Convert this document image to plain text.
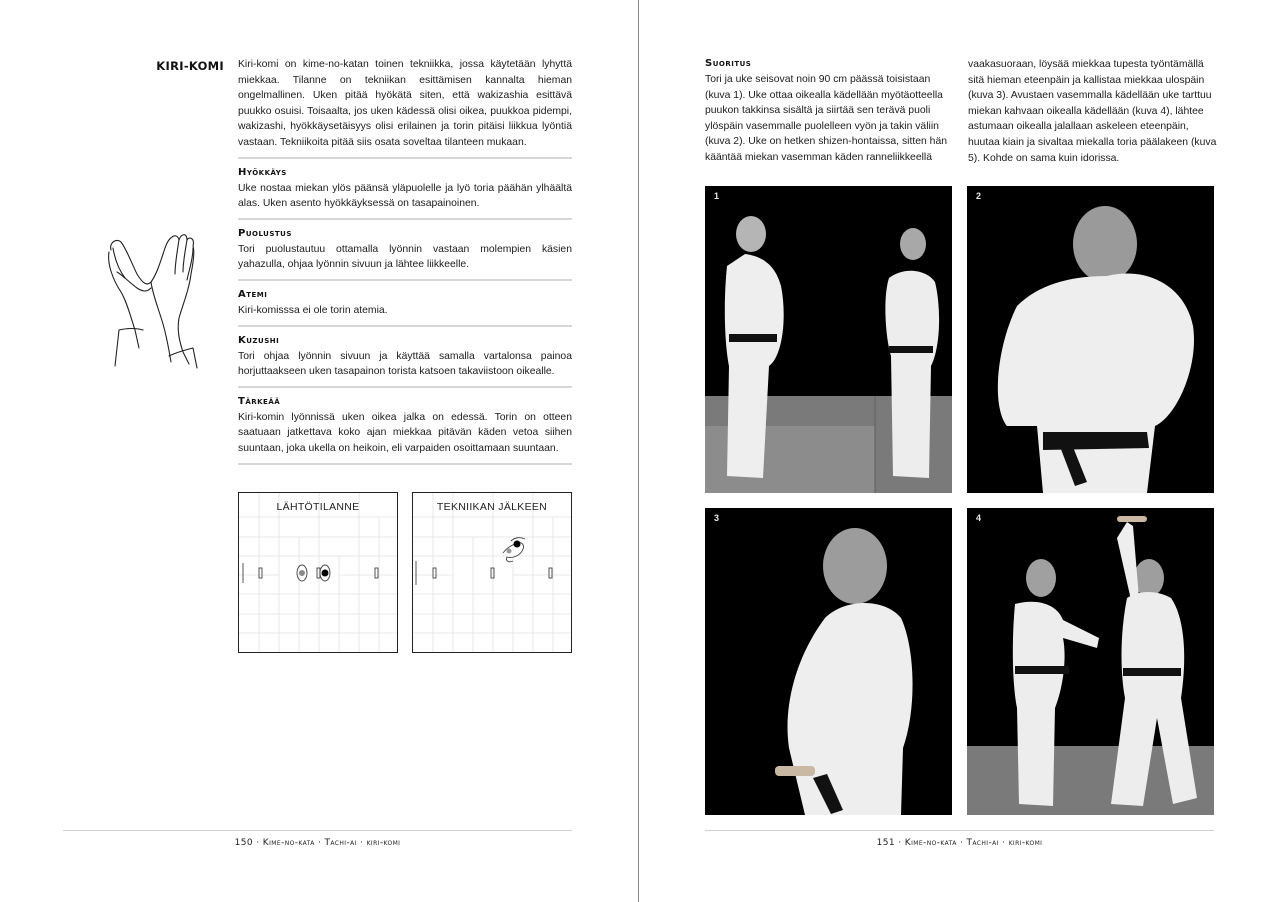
KIRI-KOMI Kiri-komi on kime-no-katan toinen tekniikka, jossa käytetään lyhyttä miekkaa. Tilanne on tekniikan esittämisen kannalta hieman ongelmallinen. Uken pitää hyökätä siten, että wakizashia esittävä puukko osuisi. Toisaalta, jos uken kädessä olisi oikea, puukkoa pidempi, wakizashi, hyökkäysetäisyys olisi erilainen ja torin pitäisi liikkua lyöntiä vastaan. Tekniikoita pitää siis osata soveltaa tilanteen mukaan.

Hyökkäys

Uke nostaa miekan ylös päänsä yläpuolelle ja lyö toria päähän ylhäältä alas. Uken asento hyökkäyksessä on tasapainoinen.

Puolustus

Tori puolustautuu ottamalla lyönnin vastaan molempien käsien yahazulla, ohjaa lyönnin sivuun ja lähtee liikkeelle.

Atemi

Kiri-komisssa ei ole torin atemia.

Kuzushi

Tori ohjaa lyönnin sivuun ja käyttää samalla vartalonsa painoa horjuttaakseen uken tasapainon torista katsoen takaviistoon oikealle.

Tärkeää

Kiri-komin lyönnissä uken oikea jalka on edessä. Torin on otteen saatuaan jatkettava koko ajan miekkaa pitävän käden vetoa siihen suuntaan, joka ukella on heikoin, eli varpaiden osoittamaan suuntaan.

LÄHTÖTILANNE	TEKNIIKAN JÄLKEEN
150 · Kime-no-kata · Tachi-ai · kiri-komi
Suoritus

Tori ja uke seisovat noin 90 cm päässä toisistaan (kuva 1). Uke ottaa oikealla kädellään myötäotteella puukon takkinsa sisältä ja siirtää sen terävä puoli ylöspäin vasemmalle puolelleen vyön ja takin väliin (kuva 2). Uke on hetken shizen-hontaissa, sitten hän kääntää miekan vasemman käden ranneliikkeellä

vaakasuoraan, löysää miekkaa tupesta työntämällä sitä hieman eteenpäin ja kallistaa miekkaa ulospäin (kuva 3). Avustaen vasemmalla kädellään uke tarttuu miekan kahvaan oikealla kädellään (kuva 4), lähtee astumaan oikealla jalallaan askeleen eteenpäin, huutaa kiain ja sivaltaa miekalla toria päälakeen (kuva 5). Kohde on sama kuin idorissa.

1	2
3	4
151 · Kime-no-kata · Tachi-ai · kiri-komi
